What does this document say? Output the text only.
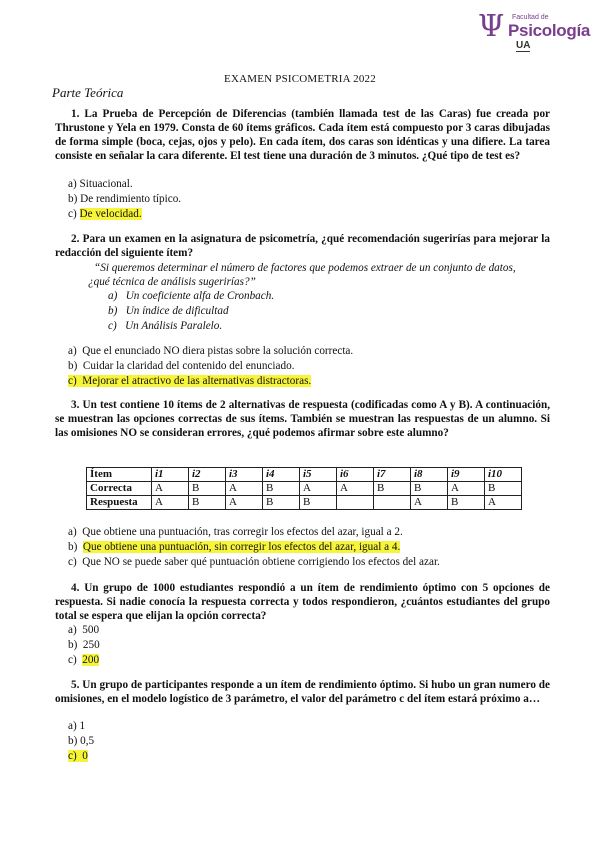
Ψ Facultad de
Psicología
UA
EXAMEN PSICOMETRIA 2022
Parte Teórica
1. La Prueba de Percepción de Diferencias (también llamada test de las Caras) fue creada por Thrustone y Yela en 1979. Consta de 60 ítems gráficos. Cada ítem está compuesto por 3 caras dibujadas de forma simple (boca, cejas, ojos y pelo). En cada ítem, dos caras son idénticas y una difiere. La tarea consiste en señalar la cara diferente. El test tiene una duración de 3 minutos. ¿Qué tipo de test es?
a) Situacional.
b) De rendimiento típico.
c) De velocidad.
2. Para un examen en la asignatura de psicometría, ¿qué recomendación sugerirías para mejorar la redacción del siguiente ítem?
“Si queremos determinar el número de factores que podemos extraer de un conjunto de datos, ¿qué técnica de análisis sugerirías?”
a) Un coeficiente alfa de Cronbach.
b) Un índice de dificultad
c) Un Análisis Paralelo.
a) Que el enunciado NO diera pistas sobre la solución correcta.
b) Cuidar la claridad del contenido del enunciado.
c) Mejorar el atractivo de las alternativas distractoras.
3. Un test contiene 10 ítems de 2 alternativas de respuesta (codificadas como A y B). A continuación, se muestran las opciones correctas de sus ítems. También se muestran las respuestas de un alumno. Si las omisiones NO se consideran errores, ¿qué podemos afirmar sobre este alumno?
Ítem	i1	i2	i3	i4	i5	i6	i7	i8	i9	i10
Correcta	A	B	A	B	A	A	B	B	A	B
Respuesta	A	B	A	B	B			A	B	A
a) Que obtiene una puntuación, tras corregir los efectos del azar, igual a 2.
b) Que obtiene una puntuación, sin corregir los efectos del azar, igual a 4.
c) Que NO se puede saber qué puntuación obtiene corrigiendo los efectos del azar.
4. Un grupo de 1000 estudiantes respondió a un ítem de rendimiento óptimo con 5 opciones de respuesta. Si nadie conocía la respuesta correcta y todos respondieron, ¿cuántos estudiantes del grupo total se espera que elijan la opción correcta?
a) 500
b) 250
c) 200
5. Un grupo de participantes responde a un ítem de rendimiento óptimo. Si hubo un gran numero de omisiones, en el modelo logístico de 3 parámetro, el valor del parámetro c del ítem estará próximo a…
a) 1
b) 0,5
c) 0
